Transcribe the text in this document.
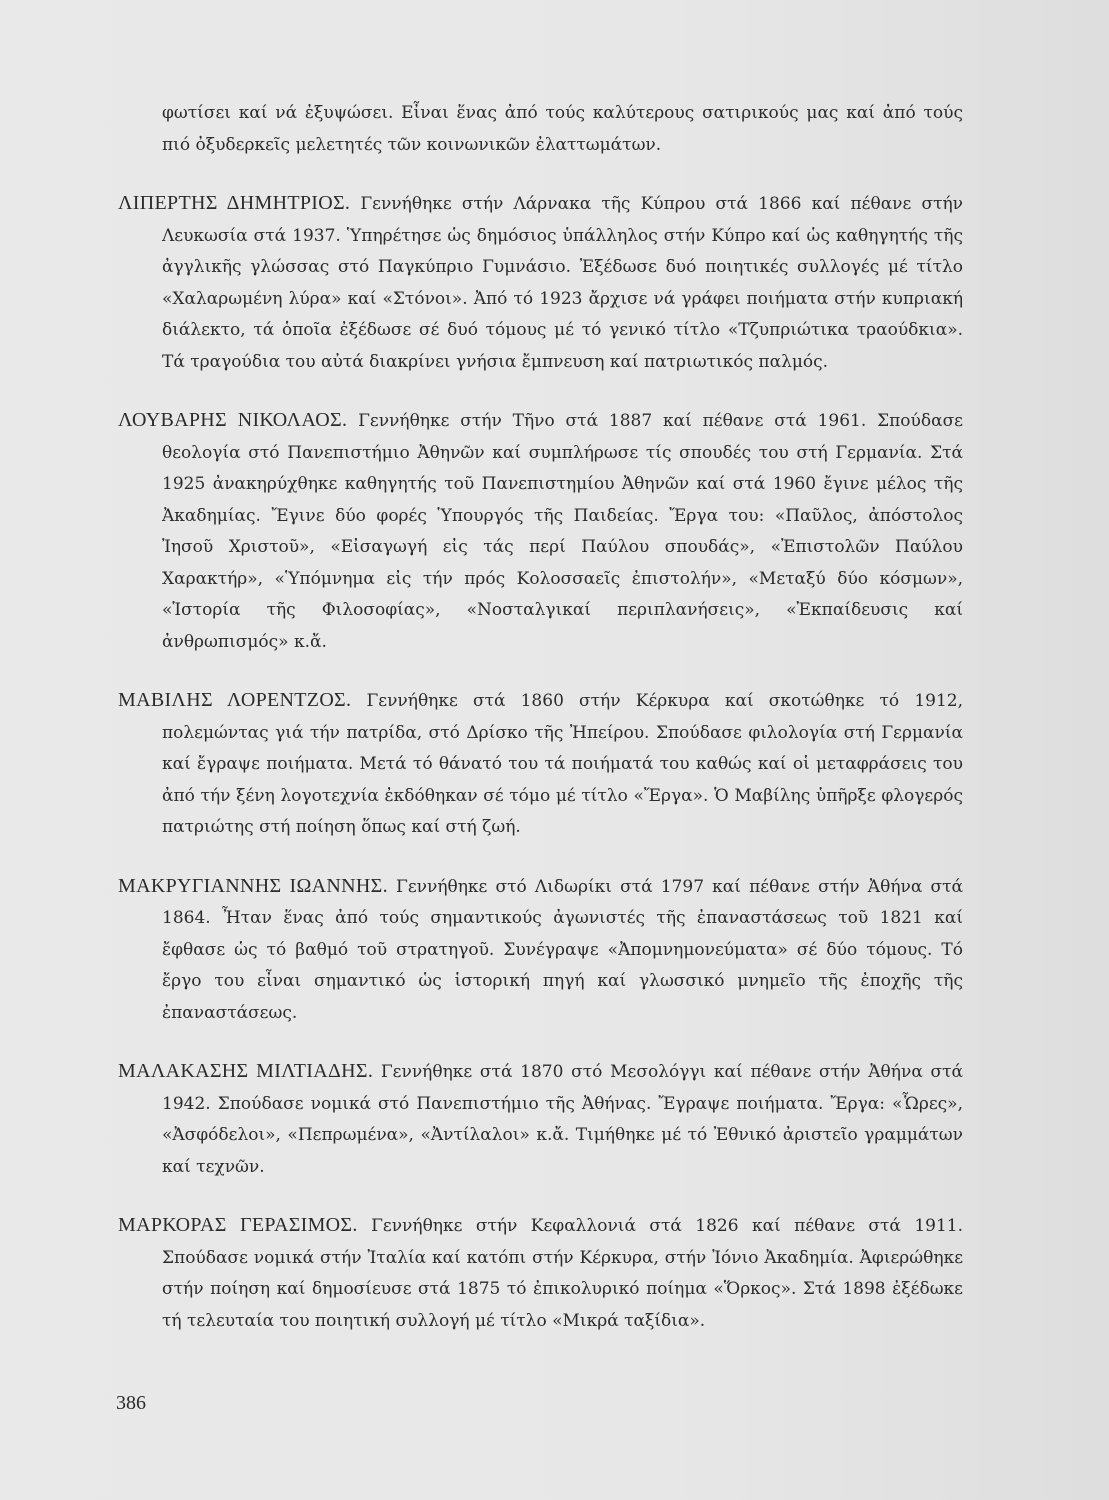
φωτίσει καί νά ἐξυψώσει. Εἶναι ἕνας ἀπό τούς καλύτερους σατιρικούς μας καί ἀπό τούς πιό ὀξυδερκεῖς μελετητές τῶν κοινωνικῶν ἐλαττωμάτων.

ΛΙΠΕΡΤΗΣ ΔΗΜΗΤΡΙΟΣ. Γεννήθηκε στήν Λάρνακα τῆς Κύπρου στά 1866 καί πέθανε στήν Λευκωσία στά 1937. Ὑπηρέτησε ὡς δημόσιος ὑπάλληλος στήν Κύπρο καί ὡς καθηγητής τῆς ἀγγλικῆς γλώσσας στό Παγκύπριο Γυμνάσιο. Ἐξέδωσε δυό ποιητικές συλλογές μέ τίτλο «Χαλαρωμένη λύρα» καί «Στόνοι». Ἀπό τό 1923 ἄρχισε νά γράφει ποιήματα στήν κυπριακή διάλεκτο, τά ὁποῖα ἐξέδωσε σέ δυό τόμους μέ τό γενικό τίτλο «Τζυπριώτικα τραούδκια». Τά τραγούδια του αὐτά διακρίνει γνήσια ἔμπνευση καί πατριωτικός παλμός.

ΛΟΥΒΑΡΗΣ ΝΙΚΟΛΑΟΣ. Γεννήθηκε στήν Τῆνο στά 1887 καί πέθανε στά 1961. Σπούδασε θεολογία στό Πανεπιστήμιο Ἀθηνῶν καί συμπλήρωσε τίς σπουδές του στή Γερμανία. Στά 1925 ἀνακηρύχθηκε καθηγητής τοῦ Πανεπιστημίου Ἀθηνῶν καί στά 1960 ἔγινε μέλος τῆς Ἀκαδημίας. Ἔγινε δύο φορές Ὑπουργός τῆς Παιδείας. Ἔργα του: «Παῦλος, ἀπόστολος Ἰησοῦ Χριστοῦ», «Εἰσαγωγή εἰς τάς περί Παύλου σπουδάς», «Ἐπιστολῶν Παύλου Χαρακτήρ», «Ὑπόμνημα εἰς τήν πρός Κολοσσαεῖς ἐπιστολήν», «Μεταξύ δύο κόσμων», «Ἱστορία τῆς Φιλοσοφίας», «Νοσταλγικαί περιπλανήσεις», «Ἐκπαίδευσις καί ἀνθρωπισμός» κ.ἄ.

ΜΑΒΙΛΗΣ ΛΟΡΕΝΤΖΟΣ. Γεννήθηκε στά 1860 στήν Κέρκυρα καί σκοτώθηκε τό 1912, πολεμώντας γιά τήν πατρίδα, στό Δρίσκο τῆς Ἠπείρου. Σπούδασε φιλολογία στή Γερμανία καί ἔγραψε ποιήματα. Μετά τό θάνατό του τά ποιήματά του καθώς καί οἱ μεταφράσεις του ἀπό τήν ξένη λογοτεχνία ἐκδόθηκαν σέ τόμο μέ τίτλο «Ἔργα». Ὁ Μαβίλης ὑπῆρξε φλογερός πατριώτης στή ποίηση ὅπως καί στή ζωή.

ΜΑΚΡΥΓΙΑΝΝΗΣ ΙΩΑΝΝΗΣ. Γεννήθηκε στό Λιδωρίκι στά 1797 καί πέθανε στήν Ἀθήνα στά 1864. Ἦταν ἕνας ἀπό τούς σημαντικούς ἀγωνιστές τῆς ἐπαναστάσεως τοῦ 1821 καί ἔφθασε ὡς τό βαθμό τοῦ στρατηγοῦ. Συνέγραψε «Ἀπομνημονεύματα» σέ δύο τόμους. Τό ἔργο του εἶναι σημαντικό ὡς ἱστορική πηγή καί γλωσσικό μνημεῖο τῆς ἐποχῆς τῆς ἐπαναστάσεως.

ΜΑΛΑΚΑΣΗΣ ΜΙΛΤΙΑΔΗΣ. Γεννήθηκε στά 1870 στό Μεσολόγγι καί πέθανε στήν Ἀθήνα στά 1942. Σπούδασε νομικά στό Πανεπιστήμιο τῆς Ἀθήνας. Ἔγραψε ποιήματα. Ἔργα: «Ὧρες», «Ἀσφόδελοι», «Πεπρωμένα», «Ἀντίλαλοι» κ.ἄ. Τιμήθηκε μέ τό Ἐθνικό ἀριστεῖο γραμμάτων καί τεχνῶν.

ΜΑΡΚΟΡΑΣ ΓΕΡΑΣΙΜΟΣ. Γεννήθηκε στήν Κεφαλλονιά στά 1826 καί πέθανε στά 1911. Σπούδασε νομικά στήν Ἰταλία καί κατόπι στήν Κέρκυρα, στήν Ἰόνιο Ἀκαδημία. Ἀφιερώθηκε στήν ποίηση καί δημοσίευσε στά 1875 τό ἐπικολυρικό ποίημα «Ὅρκος». Στά 1898 ἐξέδωκε τή τελευταία του ποιητική συλλογή μέ τίτλο «Μικρά ταξίδια».

386
